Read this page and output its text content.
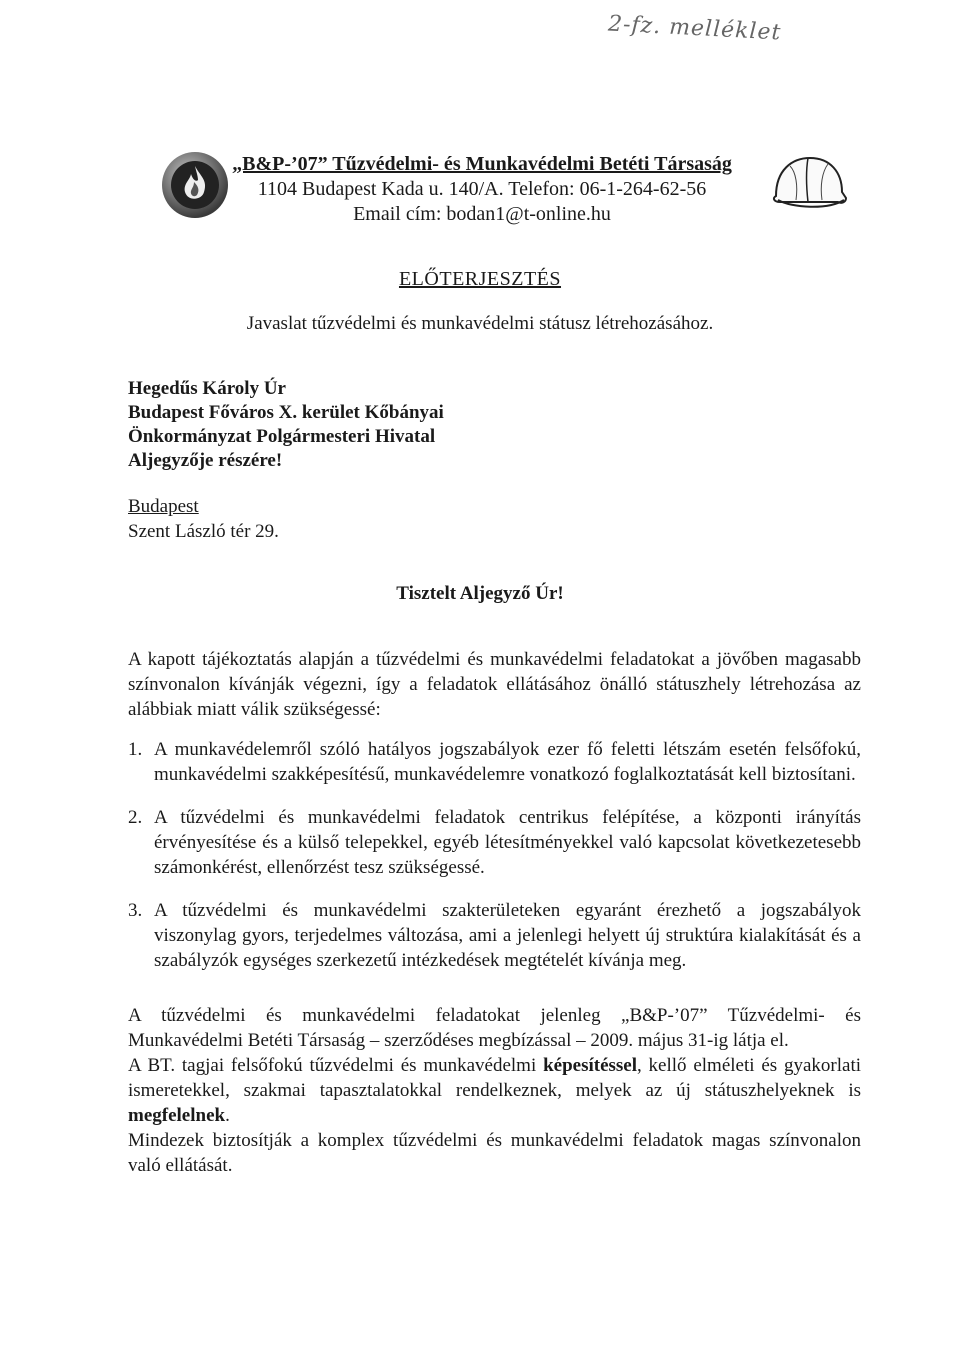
2-fz. melléklet
„B&P-’07” Tűzvédelmi- és Munkavédelmi Betéti Társaság
1104 Budapest Kada u. 140/A. Telefon: 06-1-264-62-56
Email cím: bodan1@t-online.hu
ELŐTERJESZTÉS
Javaslat tűzvédelmi és munkavédelmi státusz létrehozásához.
Hegedűs Károly Úr
Budapest Főváros X. kerület Kőbányai
Önkormányzat Polgármesteri Hivatal
Aljegyzője részére!
Budapest
Szent László tér 29.
Tisztelt Aljegyző Úr!
A kapott tájékoztatás alapján a tűzvédelmi és munkavédelmi feladatokat a jövőben magasabb színvonalon kívánják végezni, így a feladatok ellátásához önálló státuszhely létrehozása az alábbiak miatt válik szükségessé:
1. A munkavédelemről szóló hatályos jogszabályok ezer fő feletti létszám esetén felsőfokú, munkavédelmi szakképesítésű, munkavédelemre vonatkozó foglalkoztatását kell biztosítani.
2. A tűzvédelmi és munkavédelmi feladatok centrikus felépítése, a központi irányítás érvényesítése és a külső telepekkel, egyéb létesítményekkel való kapcsolat következetesebb számonkérést, ellenőrzést tesz szükségessé.
3. A tűzvédelmi és munkavédelmi szakterületeken egyaránt érezhető a jogszabályok viszonylag gyors, terjedelmes változása, ami a jelenlegi helyett új struktúra kialakítását és a szabályzók egységes szerkezetű intézkedések megtételét kívánja meg.

A tűzvédelmi és munkavédelmi feladatokat jelenleg „B&P-’07” Tűzvédelmi- és

Munkavédelmi Betéti Társaság – szerződéses megbízással – 2009. május 31-ig látja el.

A BT. tagjai felsőfokú tűzvédelmi és munkavédelmi képesítéssel, kellő elméleti és gyakorlati ismeretekkel, szakmai tapasztalatokkal rendelkeznek, melyek az új státuszhelyeknek is megfelelnek.

Mindezek biztosítják a komplex tűzvédelmi és munkavédelmi feladatok magas színvonalon való ellátását.
